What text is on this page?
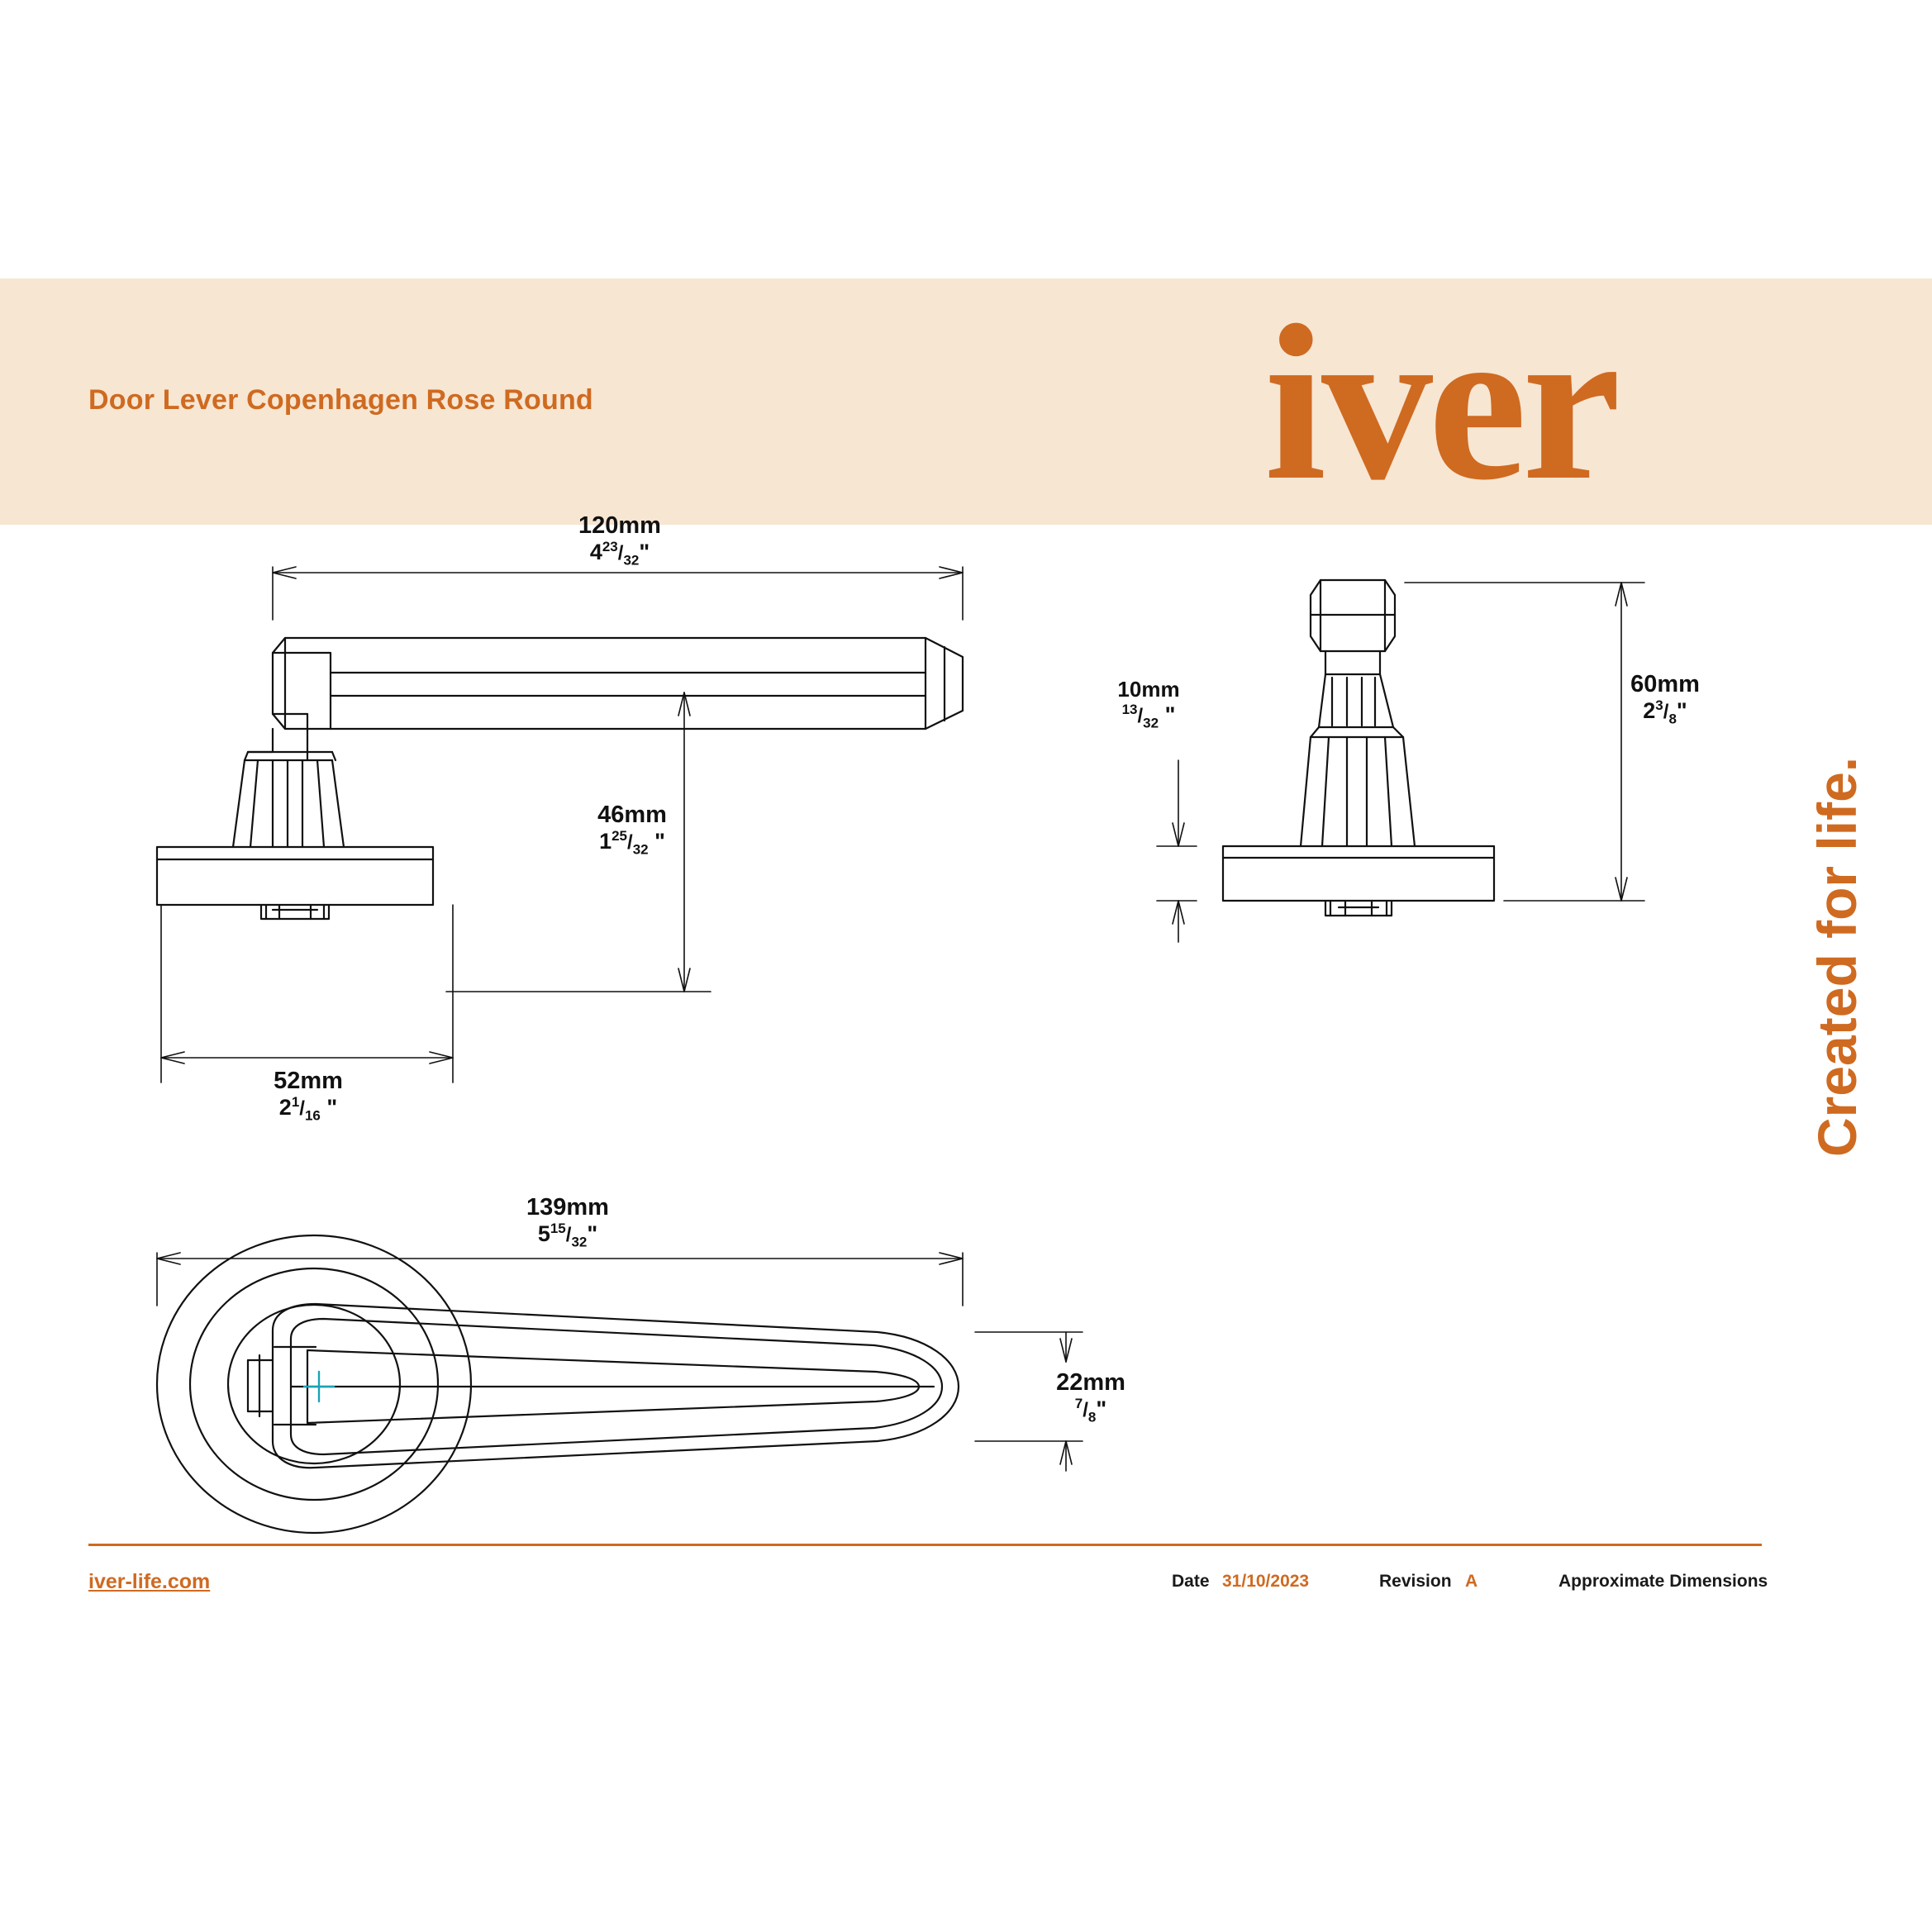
Door Lever Copenhagen Rose Round	iver
120mm
$4^{23}/_{32}$"
46mm
$1^{25}/_{32}$ "
52mm
$2^1/_{16}$ "
139mm
$5^{15}/_{32}$"
22mm
$^7/_8$"
10mm
$^{13}/_{32}$ "
60mm
$2^3/_8$"
Created for life.
iver-life.com	Date 31/10/2023	Revision A	Approximate Dimensions
